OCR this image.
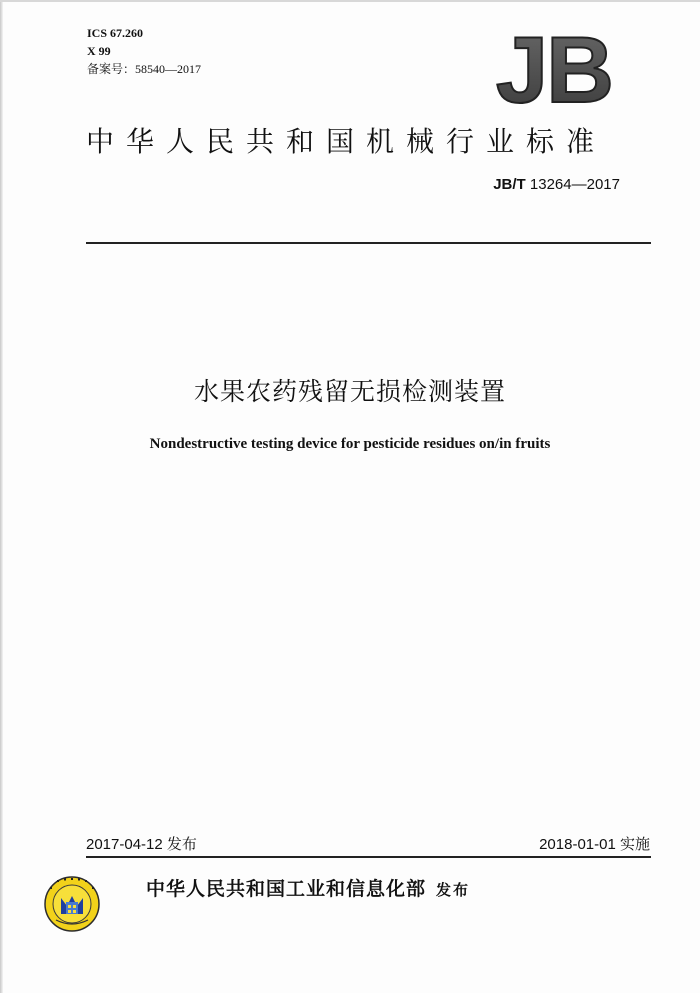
ICS 67.260
X 99
备案号：58540—2017	JB
中华人民共和国机械行业标准
JB/T 13264—2017
水果农药残留无损检测装置
Nondestructive testing device for pesticide residues on/in fruits
2017-04-12 发布	2018-01-01 实施
中华人民共和国工业和信息化部 发布
